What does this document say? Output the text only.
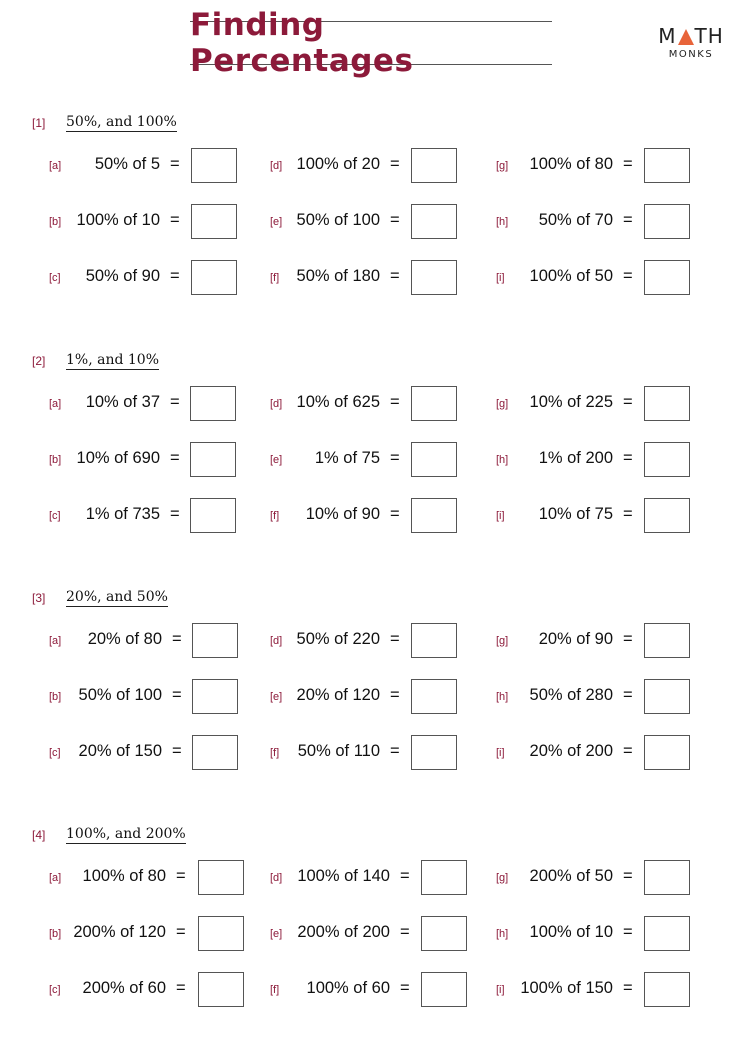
Finding Percentages
M TH
MONKS
[1] 50%, and 100%
[a] 50% of 5 =
[b] 100% of 10 =
[c] 50% of 90 =
[d] 100% of 20 =
[e] 50% of 100 =
[f] 50% of 180 =
[g] 100% of 80 =
[h] 50% of 70 =
[i] 100% of 50 =
[2] 1%, and 10%
[a] 10% of 37 =
[b] 10% of 690 =
[c] 1% of 735 =
[d] 10% of 625 =
[e] 1% of 75 =
[f] 10% of 90 =
[g] 10% of 225 =
[h] 1% of 200 =
[i] 10% of 75 =
[3] 20%, and 50%
[a] 20% of 80 =
[b] 50% of 100 =
[c] 20% of 150 =
[d] 50% of 220 =
[e] 20% of 120 =
[f] 50% of 110 =
[g] 20% of 90 =
[h] 50% of 280 =
[i] 20% of 200 =
[4] 100%, and 200%
[a] 100% of 80 =
[b] 200% of 120 =
[c] 200% of 60 =
[d] 100% of 140 =
[e] 200% of 200 =
[f] 100% of 60 =
[g] 200% of 50 =
[h] 100% of 10 =
[i] 100% of 150 =
